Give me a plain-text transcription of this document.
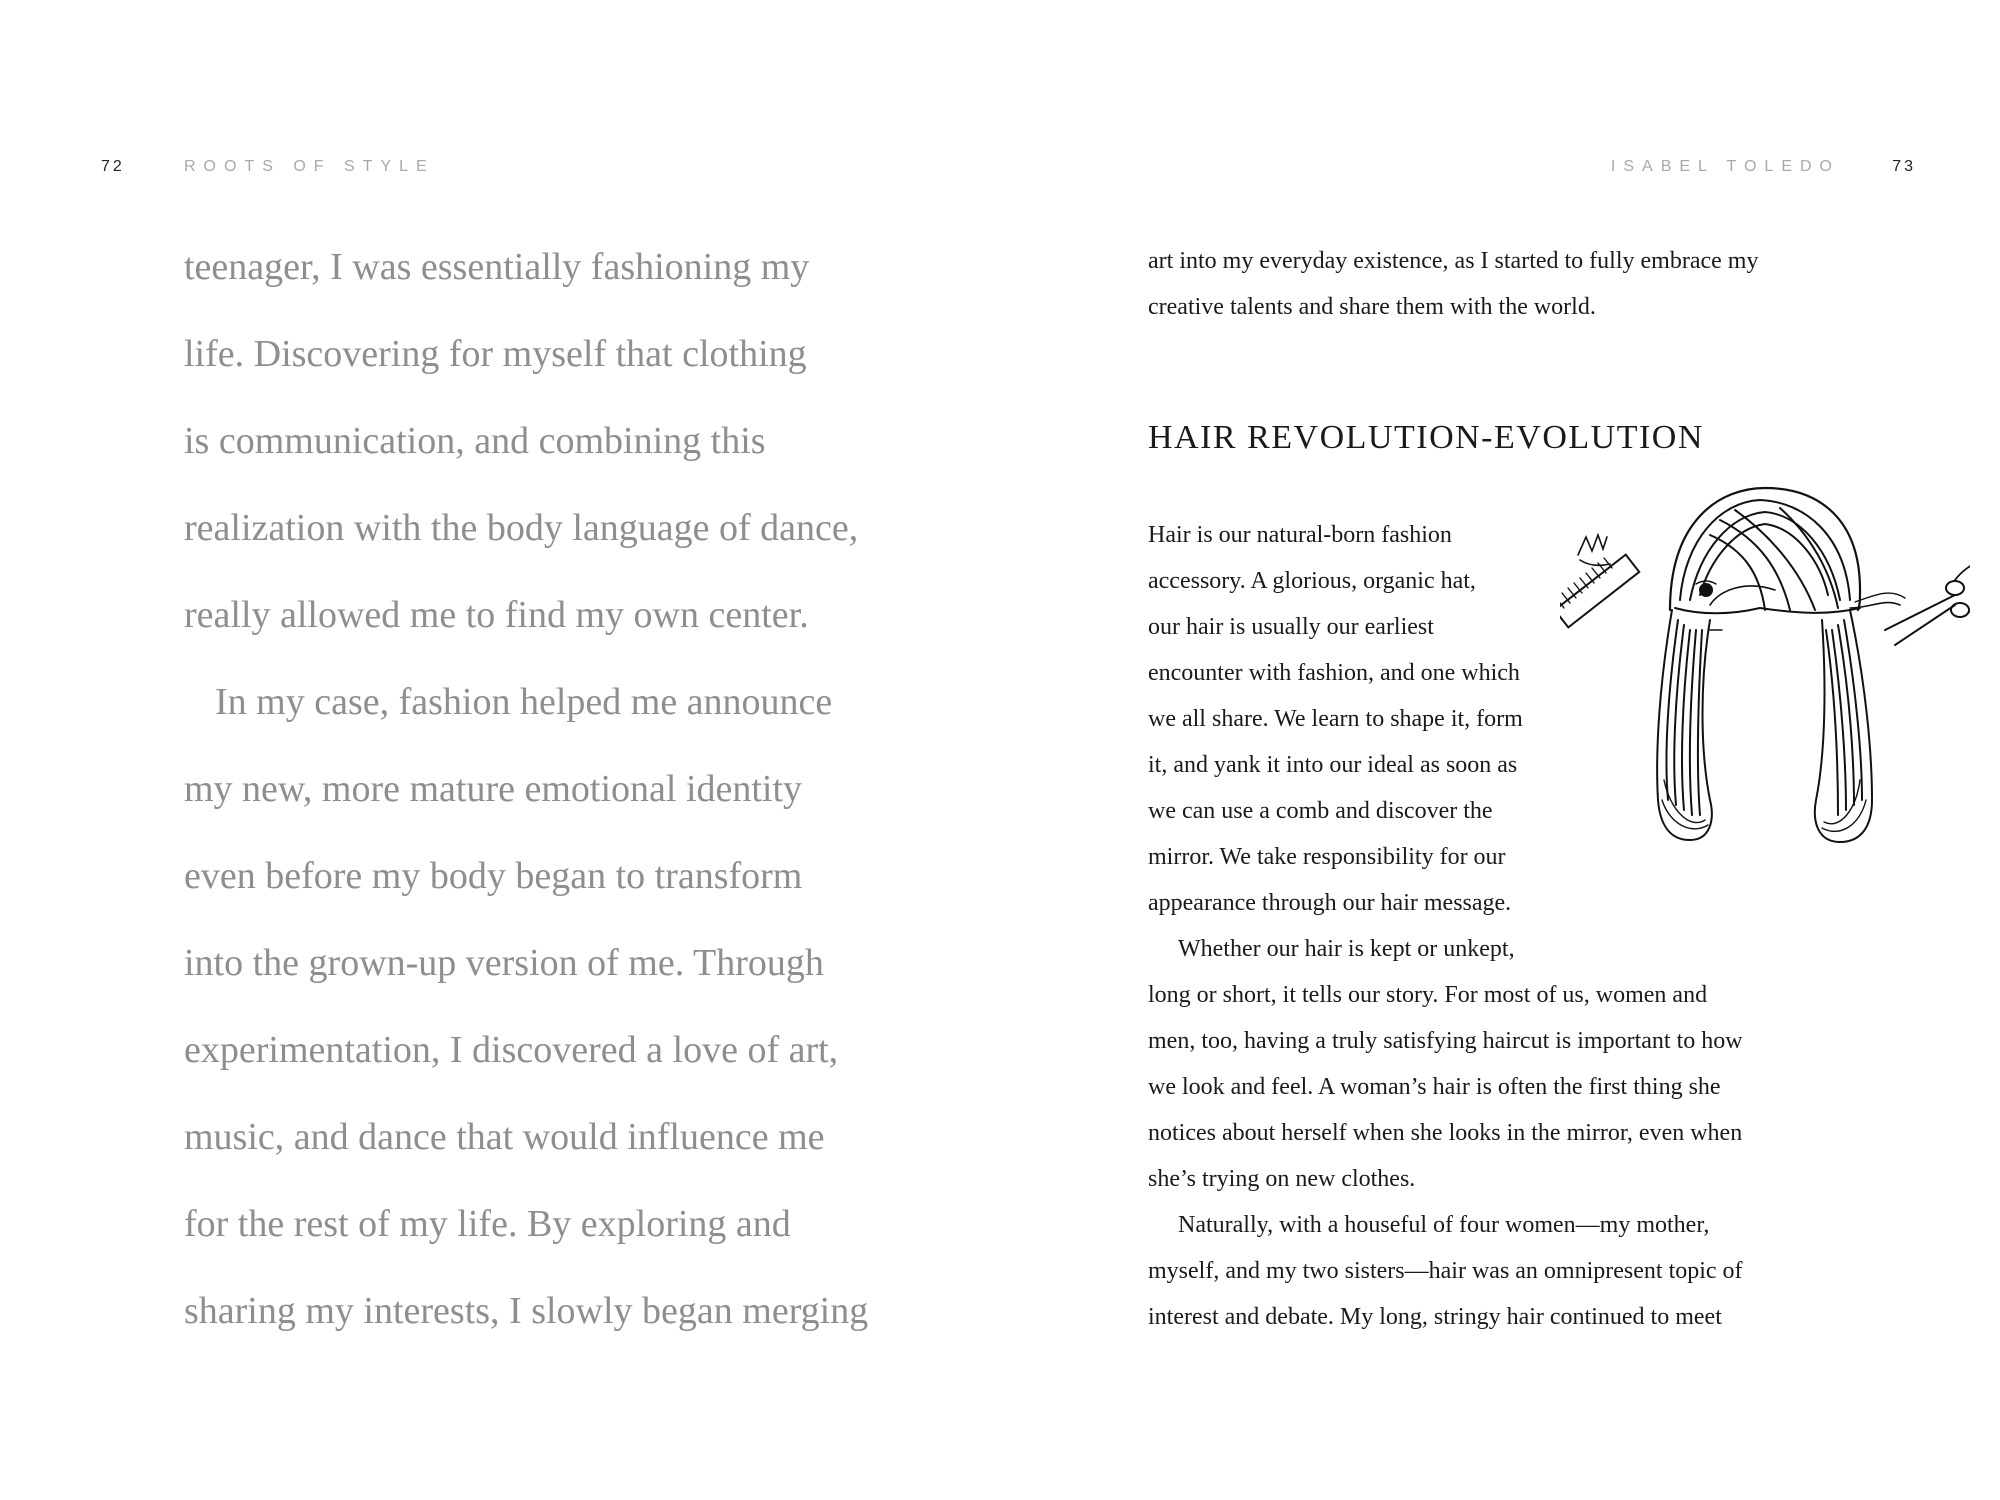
72	ROOTS OF STYLE	ISABEL TOLEDO	73
teenager, I was essentially fashioning my
life. Discovering for myself that clothing
is communication, and combining this
realization with the body language of dance,
really allowed me to find my own center.
In my case, fashion helped me announce
my new, more mature emotional identity
even before my body began to transform
into the grown-up version of me. Through
experimentation, I discovered a love of art,
music, and dance that would influence me
for the rest of my life. By exploring and
sharing my interests, I slowly began merging
art into my everyday existence, as I started to fully embrace my
creative talents and share them with the world.
HAIR REVOLUTION-EVOLUTION
Hair is our natural-born fashion
accessory. A glorious, organic hat,
our hair is usually our earliest
encounter with fashion, and one which
we all share. We learn to shape it, form
it, and yank it into our ideal as soon as
we can use a comb and discover the
mirror. We take responsibility for our
appearance through our hair message.
Whether our hair is kept or unkept,
long or short, it tells our story. For most of us, women and
men, too, having a truly satisfying haircut is important to how
we look and feel. A woman’s hair is often the first thing she
notices about herself when she looks in the mirror, even when
she’s trying on new clothes.
Naturally, with a houseful of four women—my mother,
myself, and my two sisters—hair was an omnipresent topic of
interest and debate. My long, stringy hair continued to meet
